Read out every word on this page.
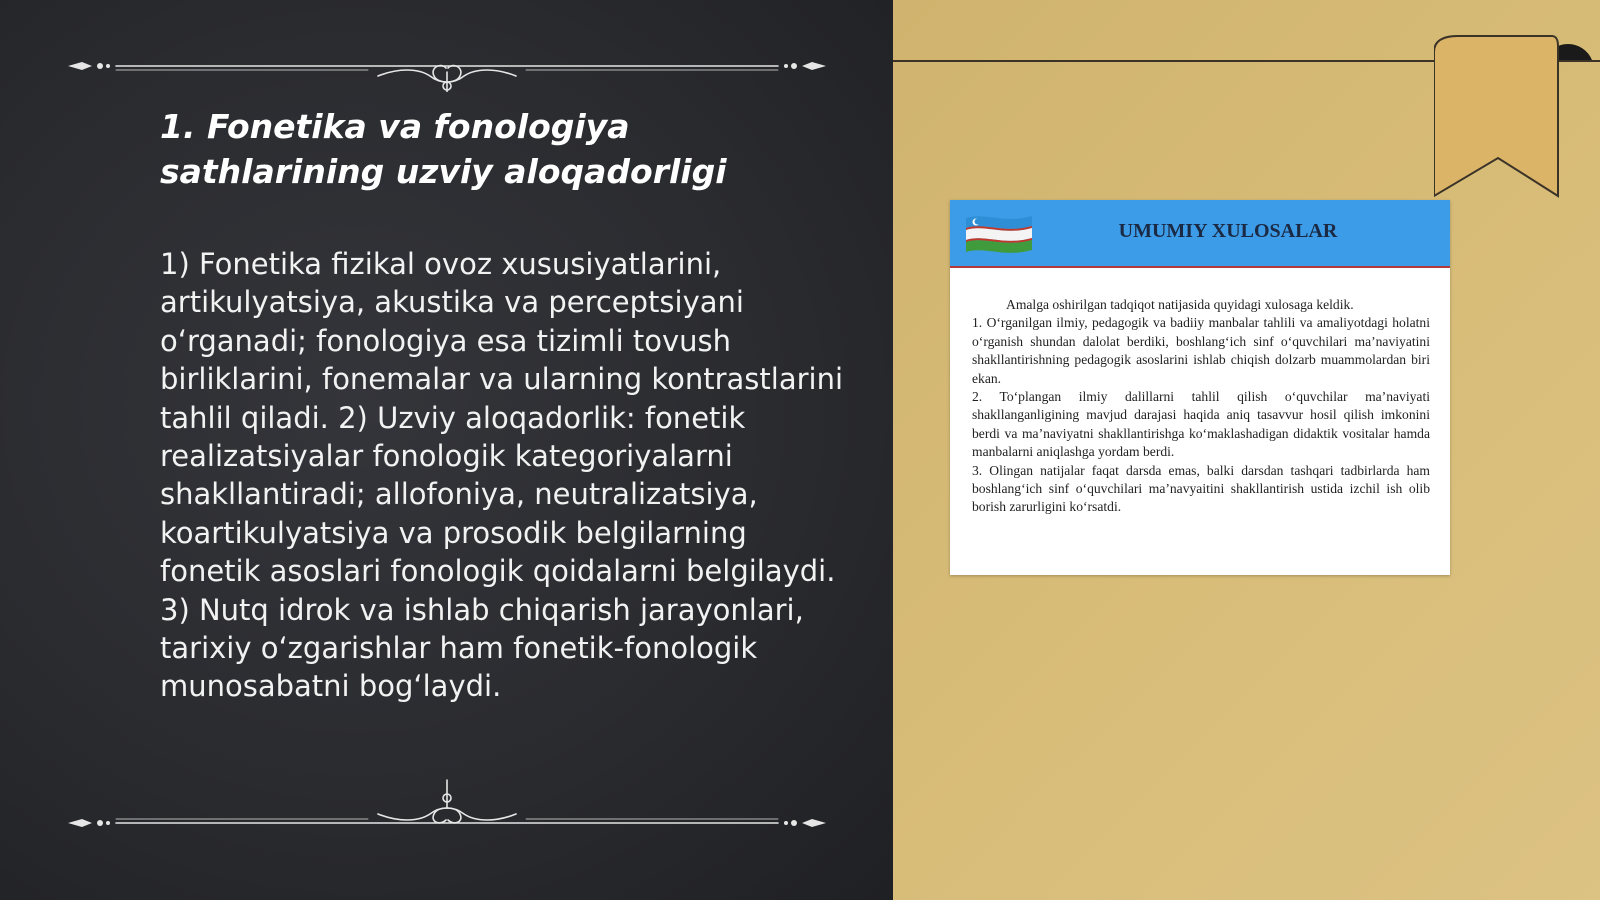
1. Fonetika va fonologiya sathlarining uzviy aloqadorligi

1) Fonetika fizikal ovoz xususiyatlarini, artikulyatsiya, akustika va perceptsiyani o‘rganadi; fonologiya esa tizimli tovush birliklarini, fonemalar va ularning kontrastlarini tahlil qiladi. 2) Uzviy aloqadorlik: fonetik realizatsiyalar fonologik kategoriyalarni shakllantiradi; allofoniya, neutralizatsiya, koartikulyatsiya va prosodik belgilarning fonetik asoslari fonologik qoidalarni belgilaydi. 3) Nutq idrok va ishlab chiqarish jarayonlari, tarixiy o‘zgarishlar ham fonetik-fonologik munosabatni bog‘laydi.

UMUMIY XULOSALAR

Amalga oshirilgan tadqiqot natijasida quyidagi xulosaga keldik.

1. O‘rganilgan ilmiy, pedagogik va badiiy manbalar tahlili va amaliyotdagi holatni o‘rganish shundan dalolat berdiki, boshlang‘ich sinf o‘quvchilari ma’naviyatini shakllantirishning pedagogik asoslarini ishlab chiqish dolzarb muammolardan biri ekan.

2. To‘plangan ilmiy dalillarni tahlil qilish o‘quvchilar ma’naviyati shakllanganligining mavjud darajasi haqida aniq tasavvur hosil qilish imkonini berdi va ma’naviyatni shakllantirishga ko‘maklashadigan didaktik vositalar hamda manbalarni aniqlashga yordam berdi.

3. Olingan natijalar faqat darsda emas, balki darsdan tashqari tadbirlarda ham boshlang‘ich sinf o‘quvchilari ma’navyaitini shakllantirish ustida izchil ish olib borish zarurligini ko‘rsatdi.
